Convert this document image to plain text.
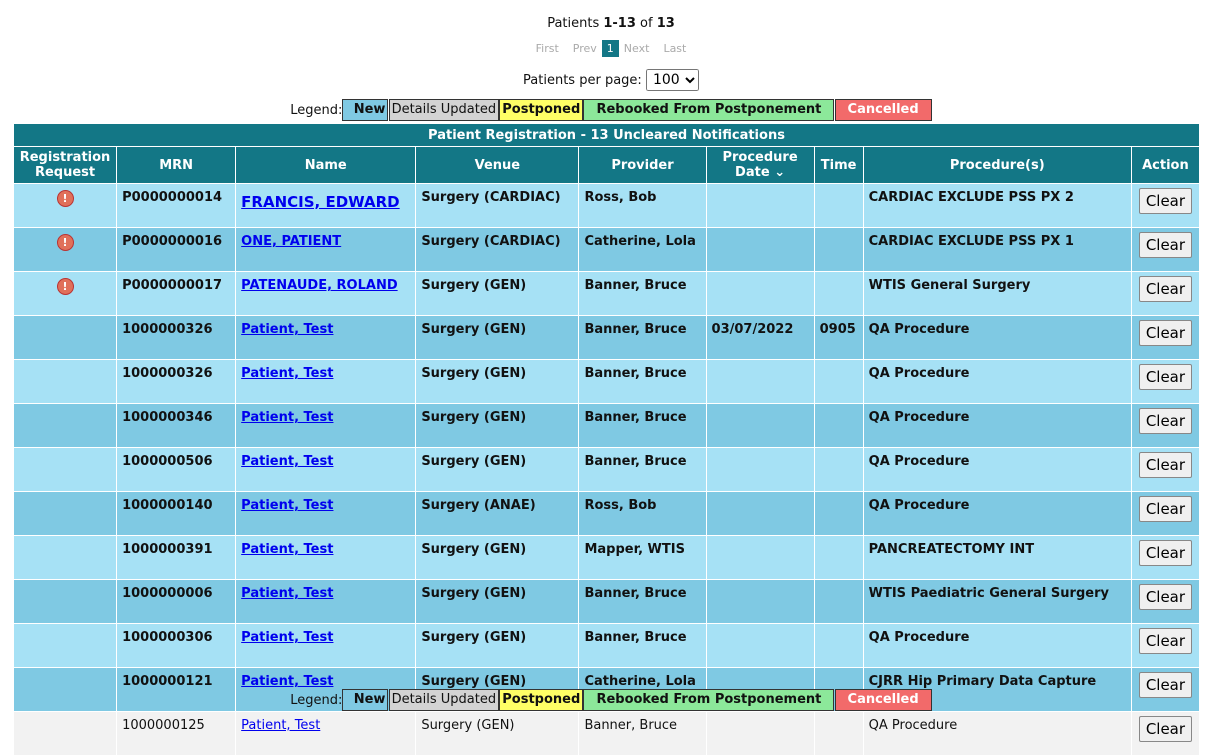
Patients 1-13 of 13
First Prev 1 Next Last
Patients per page:
100
Legend: New Details Updated Postponed Rebooked From Postponement Cancelled
Patient Registration - 13 Uncleared Notifications								
Registration Request	MRN	Name	Venue	Provider	Procedure Date ⌄	Time	Procedure(s)	Action
!	P0000000014	FRANCIS, EDWARD	Surgery (CARDIAC)	Ross, Bob			CARDIAC EXCLUDE PSS PX 2	Clear
!	P0000000016	ONE, PATIENT	Surgery (CARDIAC)	Catherine, Lola			CARDIAC EXCLUDE PSS PX 1	Clear
!	P0000000017	PATENAUDE, ROLAND	Surgery (GEN)	Banner, Bruce			WTIS General Surgery	Clear
	1000000326	Patient, Test	Surgery (GEN)	Banner, Bruce	03/07/2022	0905	QA Procedure	Clear
	1000000326	Patient, Test	Surgery (GEN)	Banner, Bruce			QA Procedure	Clear
	1000000346	Patient, Test	Surgery (GEN)	Banner, Bruce			QA Procedure	Clear
	1000000506	Patient, Test	Surgery (GEN)	Banner, Bruce			QA Procedure	Clear
	1000000140	Patient, Test	Surgery (ANAE)	Ross, Bob			QA Procedure	Clear
	1000000391	Patient, Test	Surgery (GEN)	Mapper, WTIS			PANCREATECTOMY INT	Clear
	1000000006	Patient, Test	Surgery (GEN)	Banner, Bruce			WTIS Paediatric General Surgery	Clear
	1000000306	Patient, Test	Surgery (GEN)	Banner, Bruce			QA Procedure	Clear
	1000000121	Patient, Test	Surgery (GEN)	Catherine, Lola			CJRR Hip Primary Data Capture	Clear
	1000000125	Patient, Test	Surgery (GEN)	Banner, Bruce			QA Procedure	Clear
Legend: New Details Updated Postponed Rebooked From Postponement Cancelled
